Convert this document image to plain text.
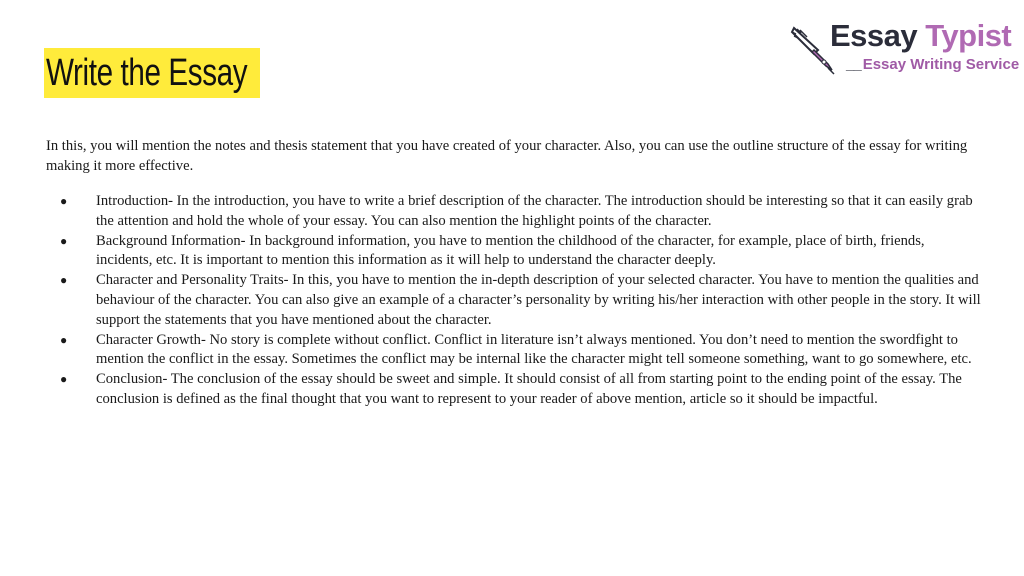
Write the Essay
Essay Typist
__ Essay Writing Service

In this, you will mention the notes and thesis statement that you have created of your character. Also, you can use the outline structure of the essay for writing making it more effective.

● Introduction- In the introduction, you have to write a brief description of the character. The introduction should be interesting so that it can easily grab the attention and hold the whole of your essay. You can also mention the highlight points of the character.
● Background Information- In background information, you have to mention the childhood of the character, for example, place of birth, friends, incidents, etc. It is important to mention this information as it will help to understand the character deeply.
● Character and Personality Traits- In this, you have to mention the in-depth description of your selected character. You have to mention the qualities and behaviour of the character. You can also give an example of a character’s personality by writing his/her interaction with other people in the story. It will support the statements that you have mentioned about the character.
● Character Growth- No story is complete without conflict. Conflict in literature isn’t always mentioned. You don’t need to mention the swordfight to mention the conflict in the essay. Sometimes the conflict may be internal like the character might tell someone something, want to go somewhere, etc.
● Conclusion- The conclusion of the essay should be sweet and simple. It should consist of all from starting point to the ending point of the essay. The conclusion is defined as the final thought that you want to represent to your reader of above mention, article so it should be impactful.
